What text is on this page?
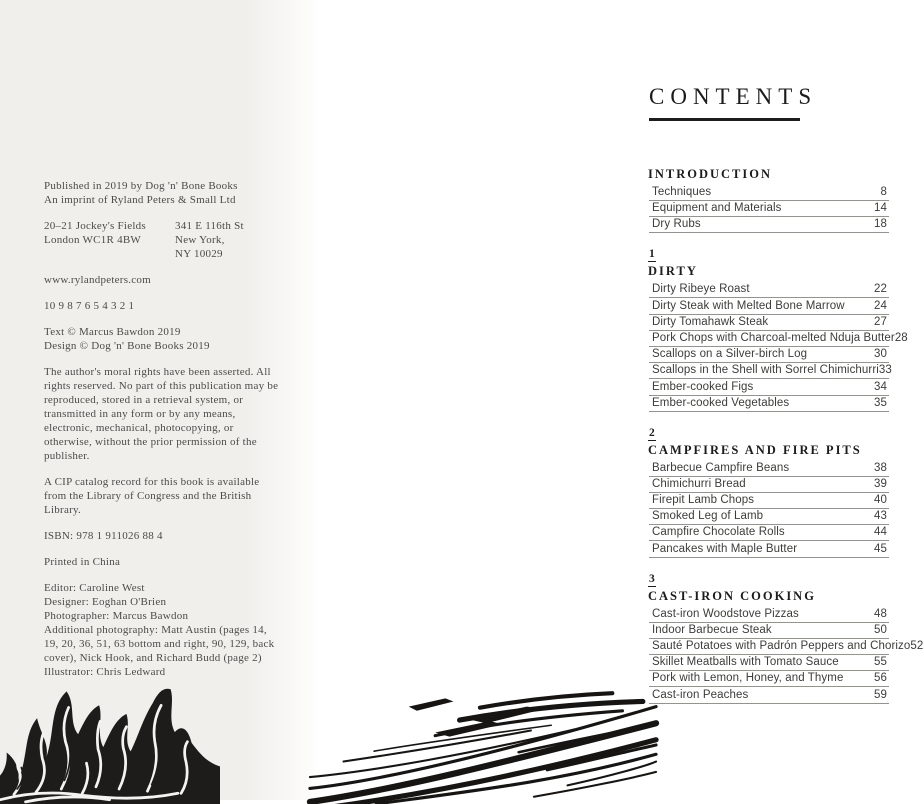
Published in 2019 by Dog 'n' Bone Books
An imprint of Ryland Peters & Small Ltd

20–21 Jockey's Fields
London WC1R 4BW
341 E 116th St
New York,
NY 10029

www.rylandpeters.com

10 9 8 7 6 5 4 3 2 1

Text © Marcus Bawdon 2019
Design © Dog 'n' Bone Books 2019

The author's moral rights have been asserted. All rights reserved. No part of this publication may be reproduced, stored in a retrieval system, or transmitted in any form or by any means, electronic, mechanical, photocopying, or otherwise, without the prior permission of the publisher.

A CIP catalog record for this book is available from the Library of Congress and the British Library.

ISBN: 978 1 911026 88 4

Printed in China

Editor: Caroline West
Designer: Eoghan O'Brien
Photographer: Marcus Bawdon
Additional photography: Matt Austin (pages 14, 19, 20, 36, 51, 63 bottom and right, 90, 129, back cover), Nick Hook, and Richard Budd (page 2)
Illustrator: Chris Ledward

CONTENTS
INTRODUCTION
Techniques	8
Equipment and Materials	14
Dry Rubs	18
1
DIRTY
Dirty Ribeye Roast	22
Dirty Steak with Melted Bone Marrow	24
Dirty Tomahawk Steak	27
Pork Chops with Charcoal-melted Nduja Butter 28
Scallops on a Silver-birch Log	30
Scallops in the Shell with Sorrel Chimichurri 33
Ember-cooked Figs	34
Ember-cooked Vegetables	35
2
CAMPFIRES AND FIRE PITS
Barbecue Campfire Beans	38
Chimichurri Bread	39
Firepit Lamb Chops	40
Smoked Leg of Lamb	43
Campfire Chocolate Rolls	44
Pancakes with Maple Butter	45
3
CAST-IRON COOKING
Cast-iron Woodstove Pizzas	48
Indoor Barbecue Steak	50
Sauté Potatoes with Padrón Peppers and Chorizo 52
Skillet Meatballs with Tomato Sauce	55
Pork with Lemon, Honey, and Thyme	56
Cast-iron Peaches	59
